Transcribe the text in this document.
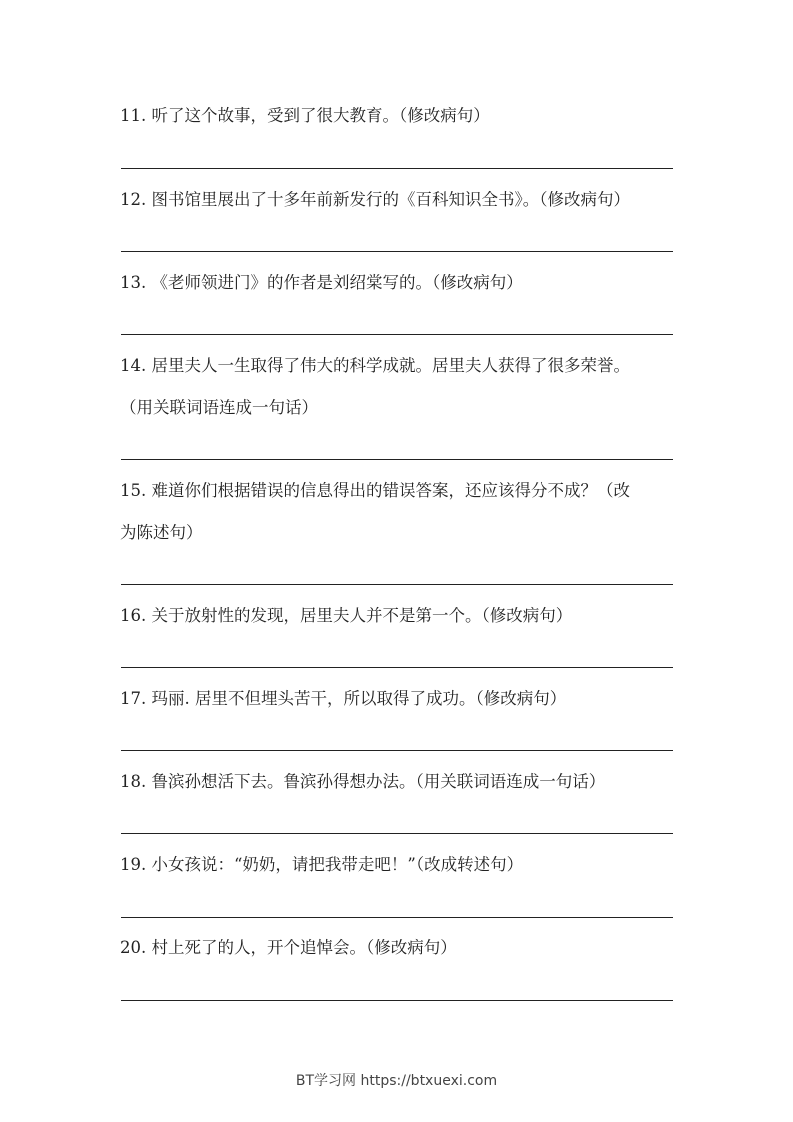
11. 听了这个故事，受到了很大教育。（修改病句）
12. 图书馆里展出了十多年前新发行的《百科知识全书》。（修改病句）
13. 《老师领进门》的作者是刘绍棠写的。（修改病句）
14. 居里夫人一生取得了伟大的科学成就。居里夫人获得了很多荣誉。
（用关联词语连成一句话）
15. 难道你们根据错误的信息得出的错误答案，还应该得分不成？（改
为陈述句）
16. 关于放射性的发现，居里夫人并不是第一个。（修改病句）
17. 玛丽. 居里不但埋头苦干，所以取得了成功。（修改病句）
18. 鲁滨孙想活下去。鲁滨孙得想办法。（用关联词语连成一句话）
19. 小女孩说：“奶奶，请把我带走吧！”（改成转述句）
20. 村上死了的人，开个追悼会。（修改病句）
BT学习网 https://btxuexi.com
